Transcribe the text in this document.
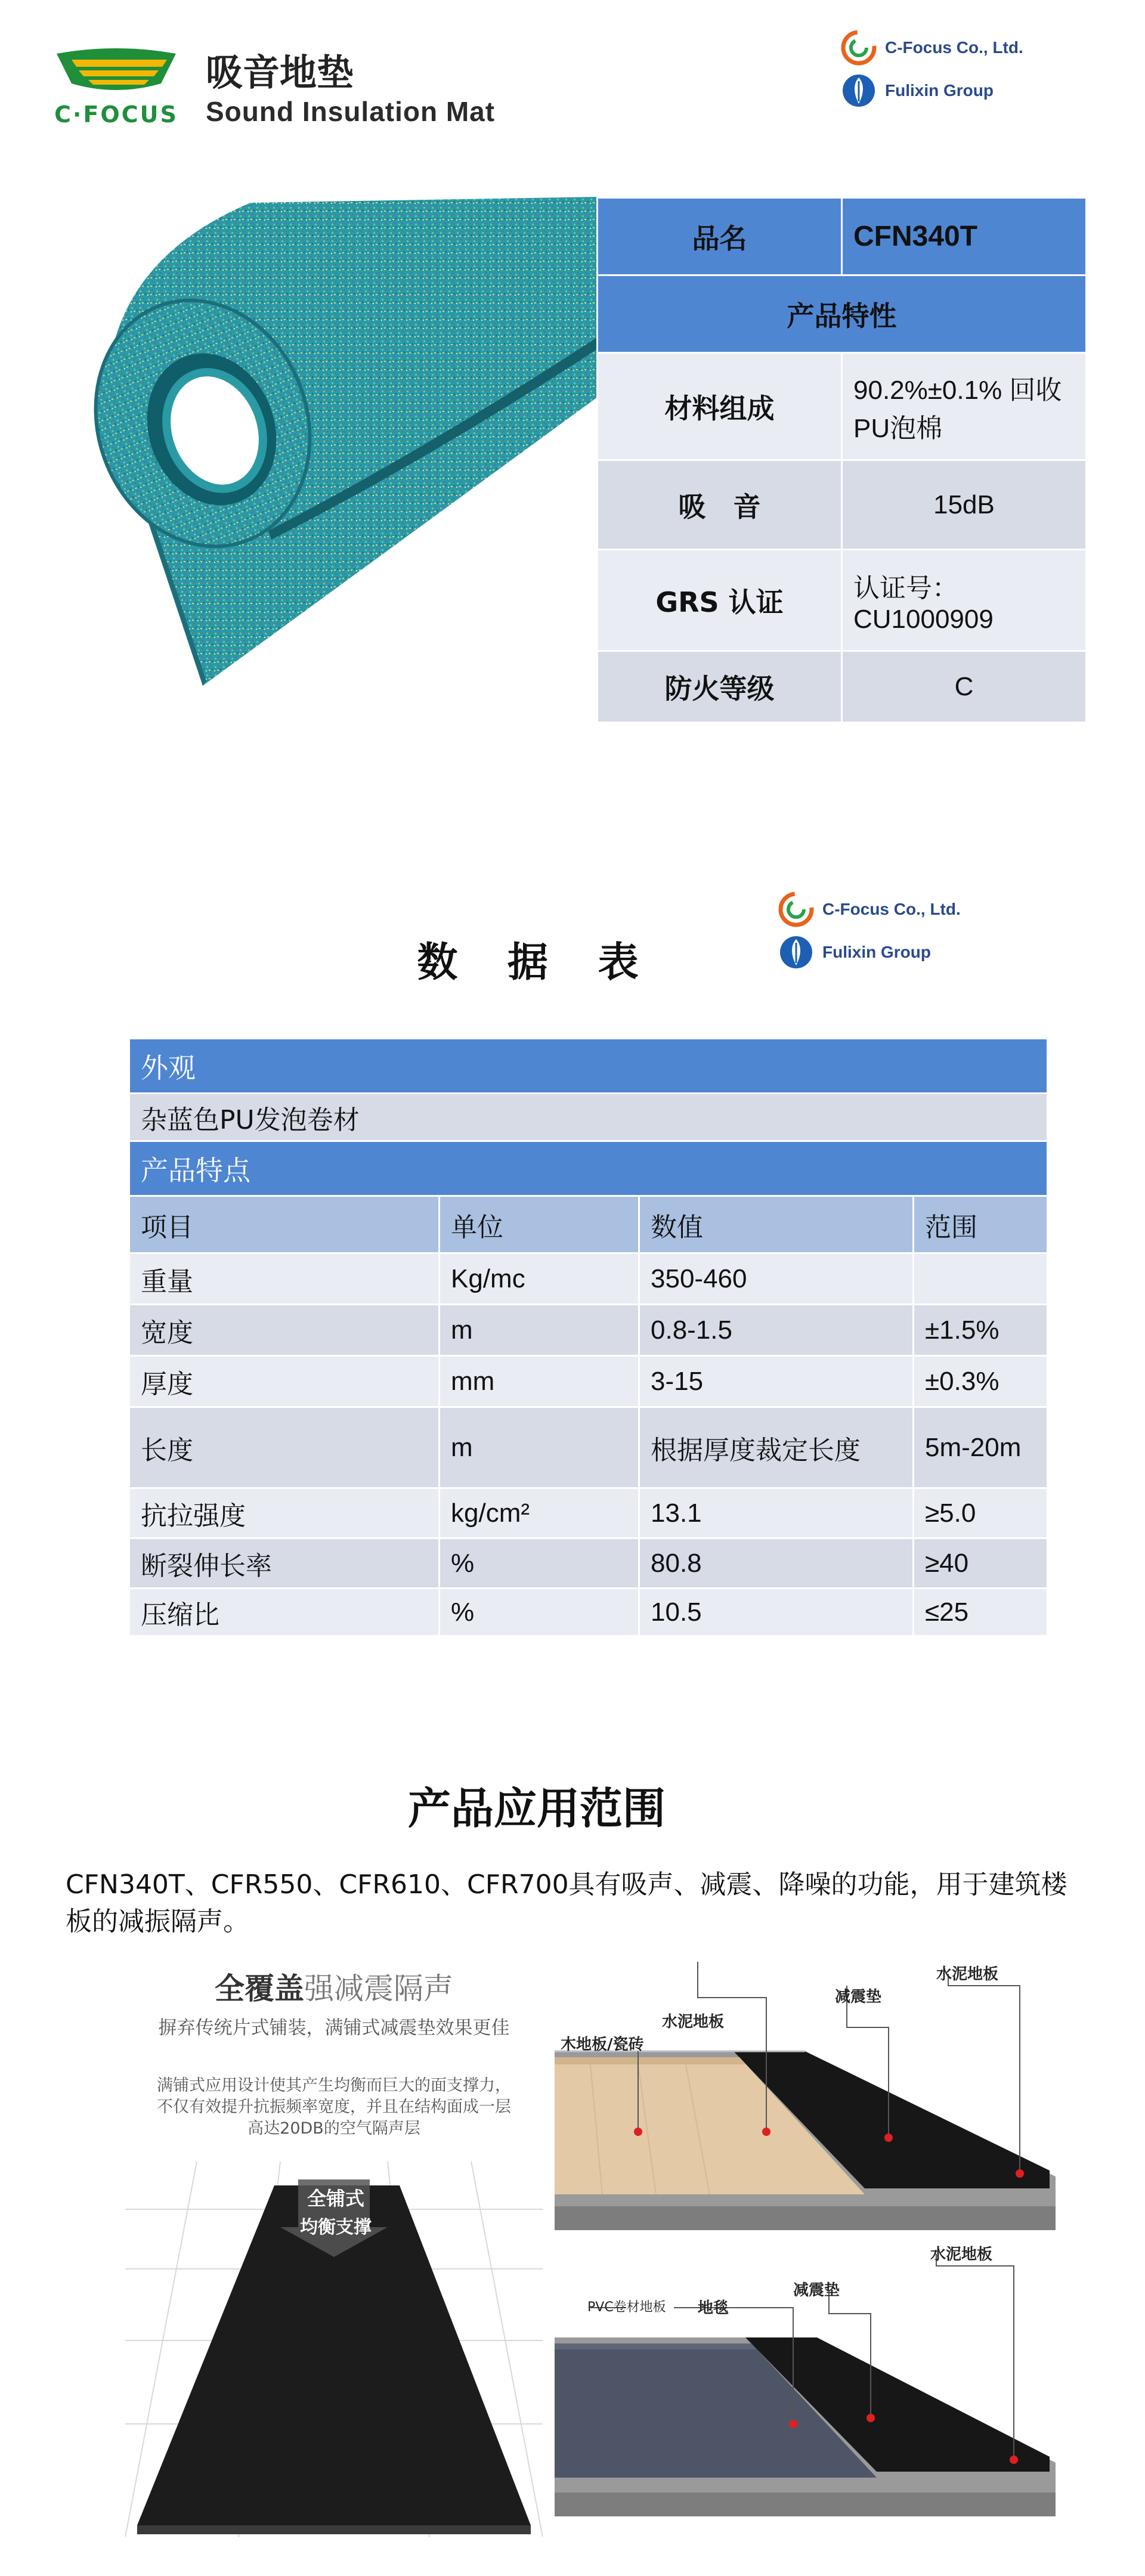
C·FOCUS
吸音地垫
Sound Insulation Mat
C-Focus Co., Ltd.
Fulixin Group
品名	CFN340T
产品特性	
材料组成	90.2%±0.1% 回收PU泡棉
吸　音	15dB
GRS 认证	认证号：CU1000909
防火等级	C
数 据 表
C-Focus Co., Ltd.
Fulixin Group
外观			
杂蓝色PU发泡卷材			
产品特点			
项目	单位	数值	范围
重量	Kg/mc	350-460	
宽度	m	0.8-1.5	±1.5%
厚度	mm	3-15	±0.3%
长度	m	根据厚度裁定长度	5m-20m
抗拉强度	kg/cm²	13.1	≥5.0
断裂伸长率	%	80.8	≥40
压缩比	%	10.5	≤25
产品应用范围
CFN340T、CFR550、CFR610、CFR700具有吸声、减震、降噪的功能，用于建筑楼板的减振隔声。
全覆盖强减震隔声
摒弃传统片式铺装，满铺式减震垫效果更佳
满铺式应用设计使其产生均衡而巨大的面支撑力，不仅有效提升抗振频率宽度，并且在结构面成一层高达20DB的空气隔声层
全铺式
均衡支撑
水泥地板
减震垫
水泥地板
木地板/瓷砖
水泥地板
减震垫
地毯
PVC卷材地板
